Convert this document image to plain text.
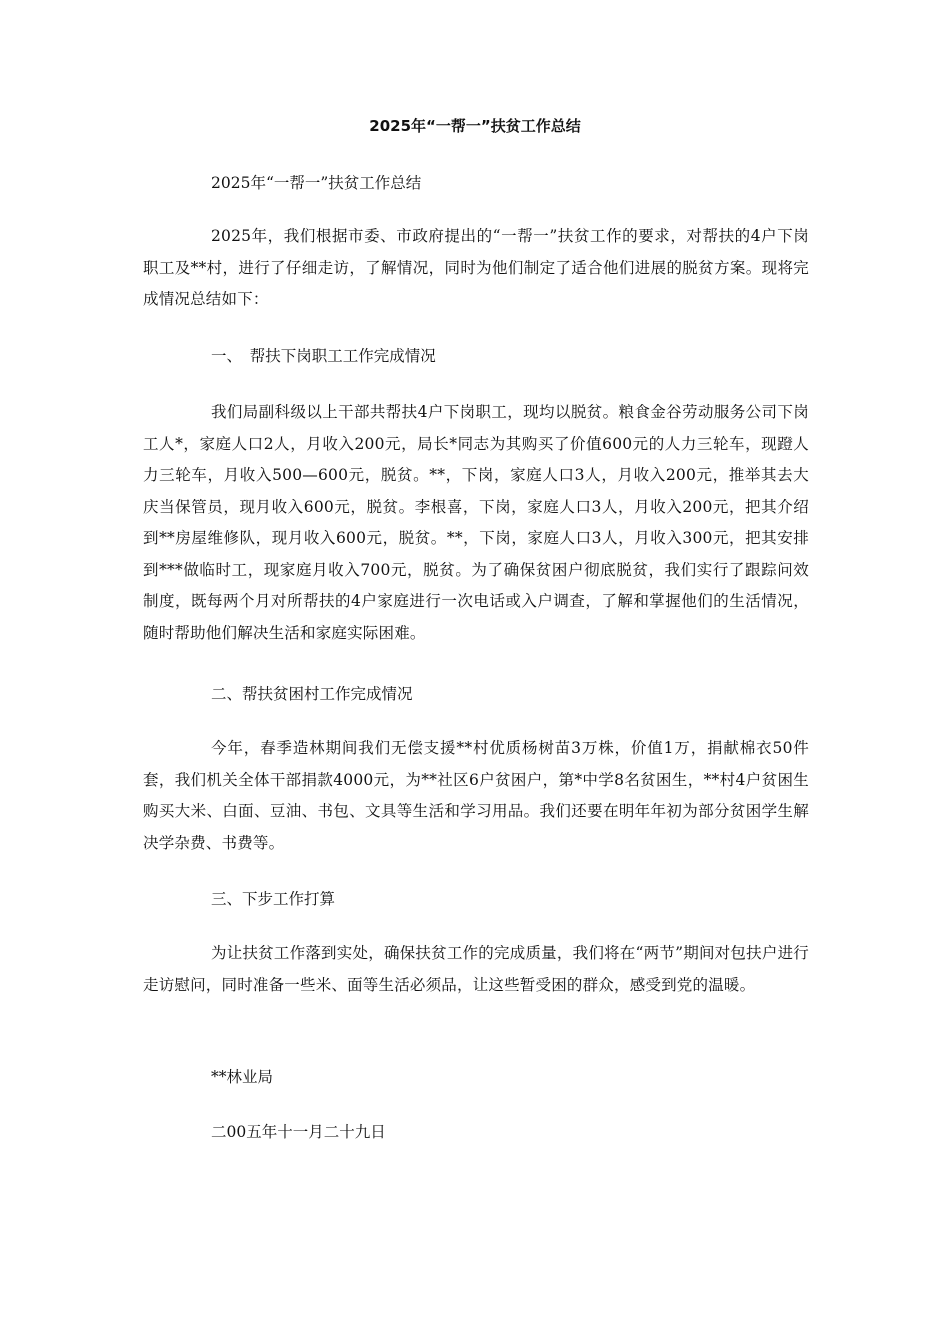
2025年“一帮一”扶贫工作总结

2025年“一帮一”扶贫工作总结

2025年，我们根据市委、市政府提出的“一帮一”扶贫工作的要求，对帮扶的4户下岗职工及**村，进行了仔细走访，了解情况，同时为他们制定了适合他们进展的脱贫方案。现将完成情况总结如下：

一、　帮扶下岗职工工作完成情况

我们局副科级以上干部共帮扶4户下岗职工，现均以脱贫。粮食金谷劳动服务公司下岗工人*，家庭人口2人，月收入200元，局长*同志为其购买了价值600元的人力三轮车，现蹬人力三轮车，月收入500—600元，脱贫。**，下岗，家庭人口3人，月收入200元，推举其去大庆当保管员，现月收入600元，脱贫。李根喜，下岗，家庭人口3人，月收入200元，把其介绍到**房屋维修队，现月收入600元，脱贫。**，下岗，家庭人口3人，月收入300元，把其安排到***做临时工，现家庭月收入700元，脱贫。为了确保贫困户彻底脱贫，我们实行了跟踪问效制度，既每两个月对所帮扶的4户家庭进行一次电话或入户调查，了解和掌握他们的生活情况，随时帮助他们解决生活和家庭实际困难。

二、帮扶贫困村工作完成情况

今年，春季造林期间我们无偿支援**村优质杨树苗3万株，价值1万，捐献棉衣50件套，我们机关全体干部捐款4000元，为**社区6户贫困户，第*中学8名贫困生，**村4户贫困生购买大米、白面、豆油、书包、文具等生活和学习用品。我们还要在明年年初为部分贫困学生解决学杂费、书费等。

三、下步工作打算

为让扶贫工作落到实处，确保扶贫工作的完成质量，我们将在“两节”期间对包扶户进行走访慰问，同时准备一些米、面等生活必须品，让这些暂受困的群众，感受到党的温暖。

**林业局

二00五年十一月二十九日
